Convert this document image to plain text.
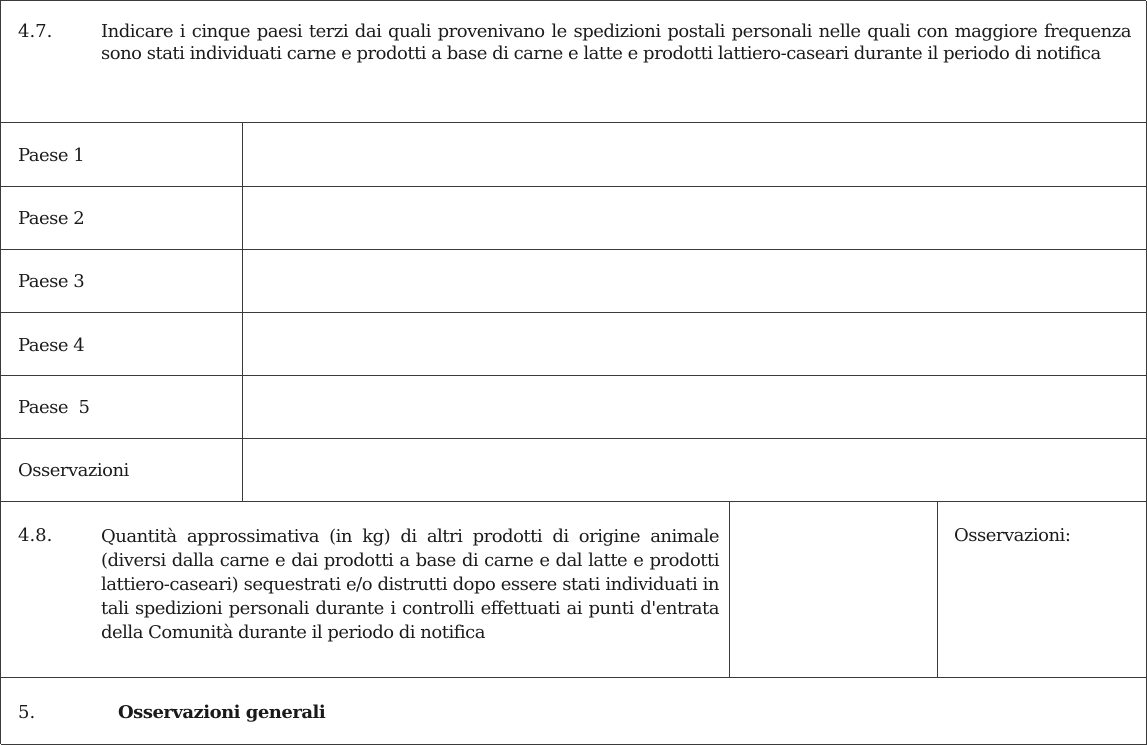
4.7.	Indicare i cinque paesi terzi dai quali provenivano le spedizioni postali personali nelle quali con maggiore frequenza sono stati individuati carne e prodotti a base di carne e latte e prodotti lattiero-caseari durante il periodo di notifica
Paese 1
Paese 2
Paese 3
Paese 4
Paese  5
Osservazioni
4.8.	Quantità approssimativa (in kg) di altri prodotti di origine animale (diversi dalla carne e dai prodotti a base di carne e dal latte e prodotti lattiero-caseari) sequestrati e/o distrutti dopo essere stati individuati in tali spedizioni personali durante i controlli effettuati ai punti d'entrata della Comunità durante il periodo di notifica
Osservazioni:
5.	Osservazioni generali
